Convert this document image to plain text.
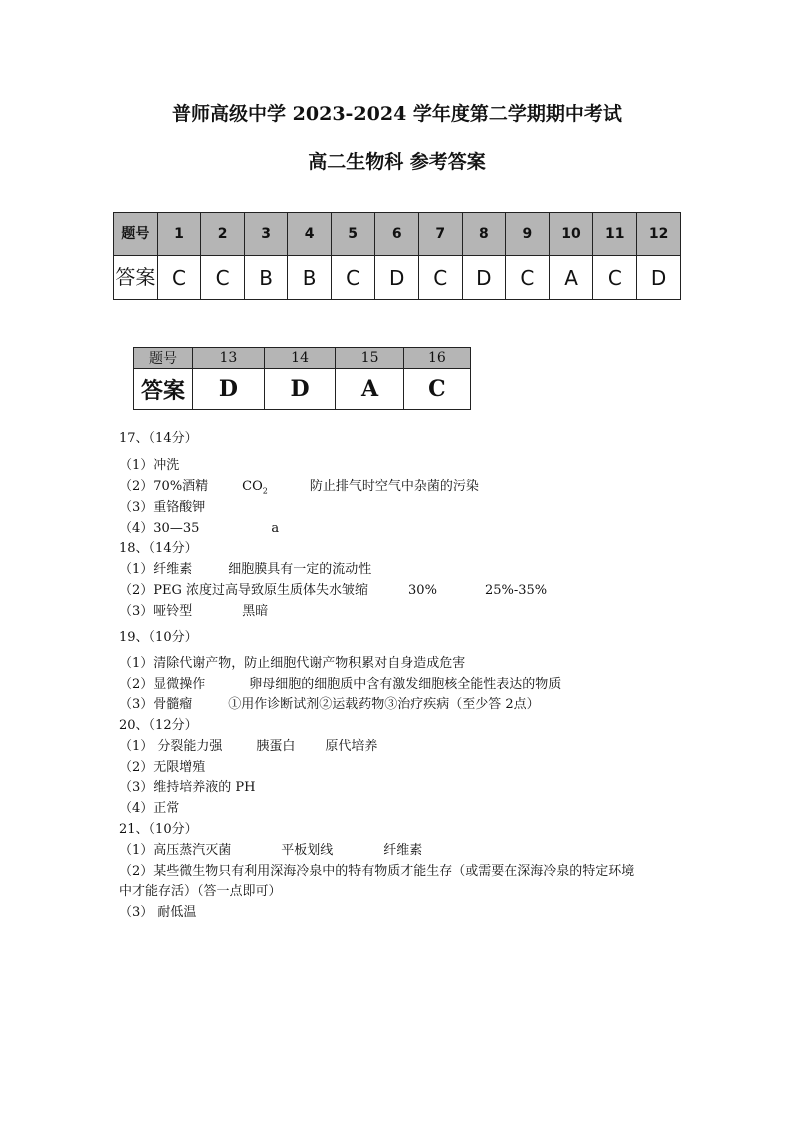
普师高级中学 2023-2024 学年度第二学期期中考试
高二生物科 参考答案
题号	1	2	3	4	5	6	7	8	9	10	11	12
答案	C	C	B	B	C	D	C	D	C	A	C	D
题号	13	14	15	16
答案	D	D	A	C
17、（14分）
（1）冲洗
（2）70%酒精	$CO_2$	防止排气时空气中杂菌的污染
（3）重铬酸钾
（4）30—35	a
18、（14分）
（1）纤维素	细胞膜具有一定的流动性
（2）PEG 浓度过高导致原生质体失水皱缩	30%	25%-35%
（3）哑铃型	黑暗
19、（10分）
（1）清除代谢产物，防止细胞代谢产物积累对自身造成危害
（2）显微操作	卵母细胞的细胞质中含有激发细胞核全能性表达的物质
（3）骨髓瘤	①用作诊断试剂②运载药物③治疗疾病（至少答 2点）
20、（12分）
（1） 分裂能力强	胰蛋白 原代培养
（2）无限增殖
（3）维持培养液的 PH
（4）正常
21、（10分）
（1）高压蒸汽灭菌	平板划线	纤维素
（2）某些微生物只有利用深海冷泉中的特有物质才能生存（或需要在深海冷泉的特定环境
中才能存活）（答一点即可）
（3） 耐低温
